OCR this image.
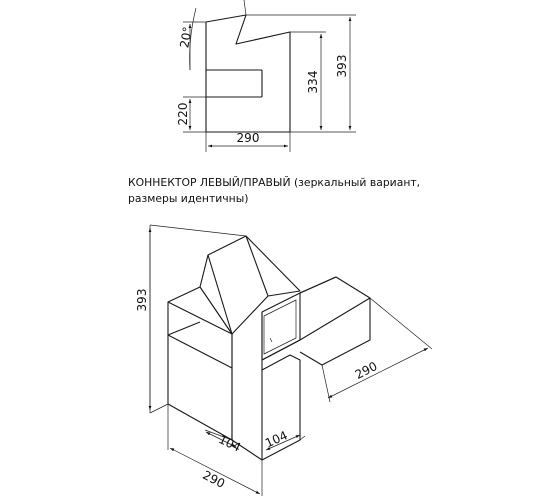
20°
290
220
334
393
КОННЕКТОР ЛЕВЫЙ/ПРАВЫЙ (зеркальный вариант,
размеры идентичны)
393
290
104 104
290
